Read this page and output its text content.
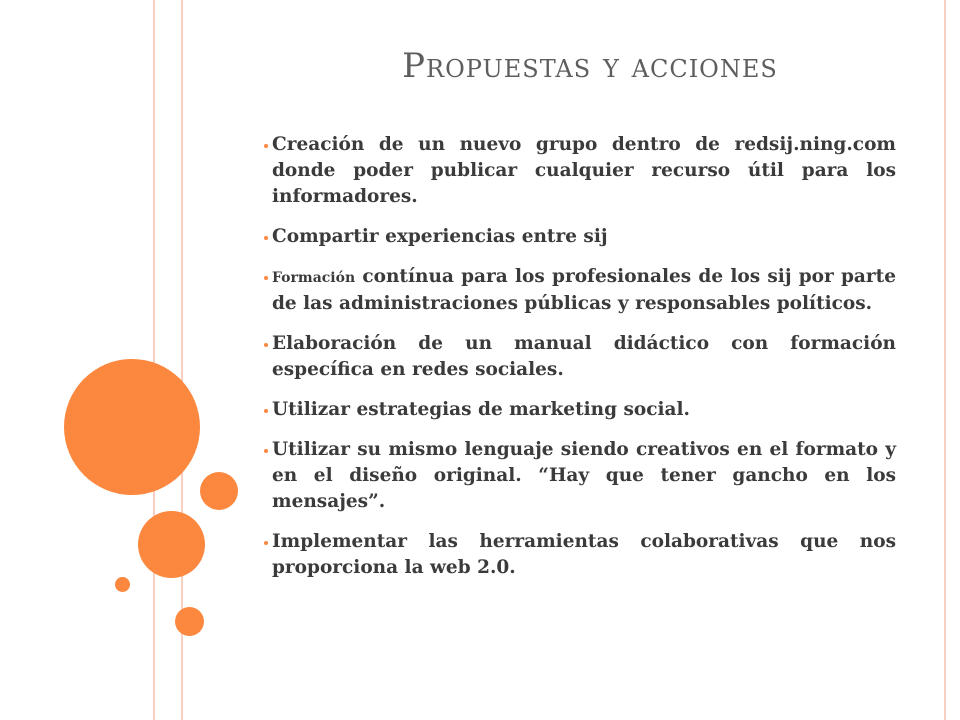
Propuestas y acciones
Creación de un nuevo grupo dentro de redsij.ning.com donde poder publicar cualquier recurso útil para los informadores.
Compartir experiencias entre sij
Formación contínua para los profesionales de los sij por parte de las administraciones públicas y responsables políticos.
Elaboración de un manual didáctico con formación específica en redes sociales.
Utilizar estrategias de marketing social.
Utilizar su mismo lenguaje siendo creativos en el formato y en el diseño original. “Hay que tener gancho en los mensajes”.
Implementar las herramientas colaborativas que nos proporciona la web 2.0.
